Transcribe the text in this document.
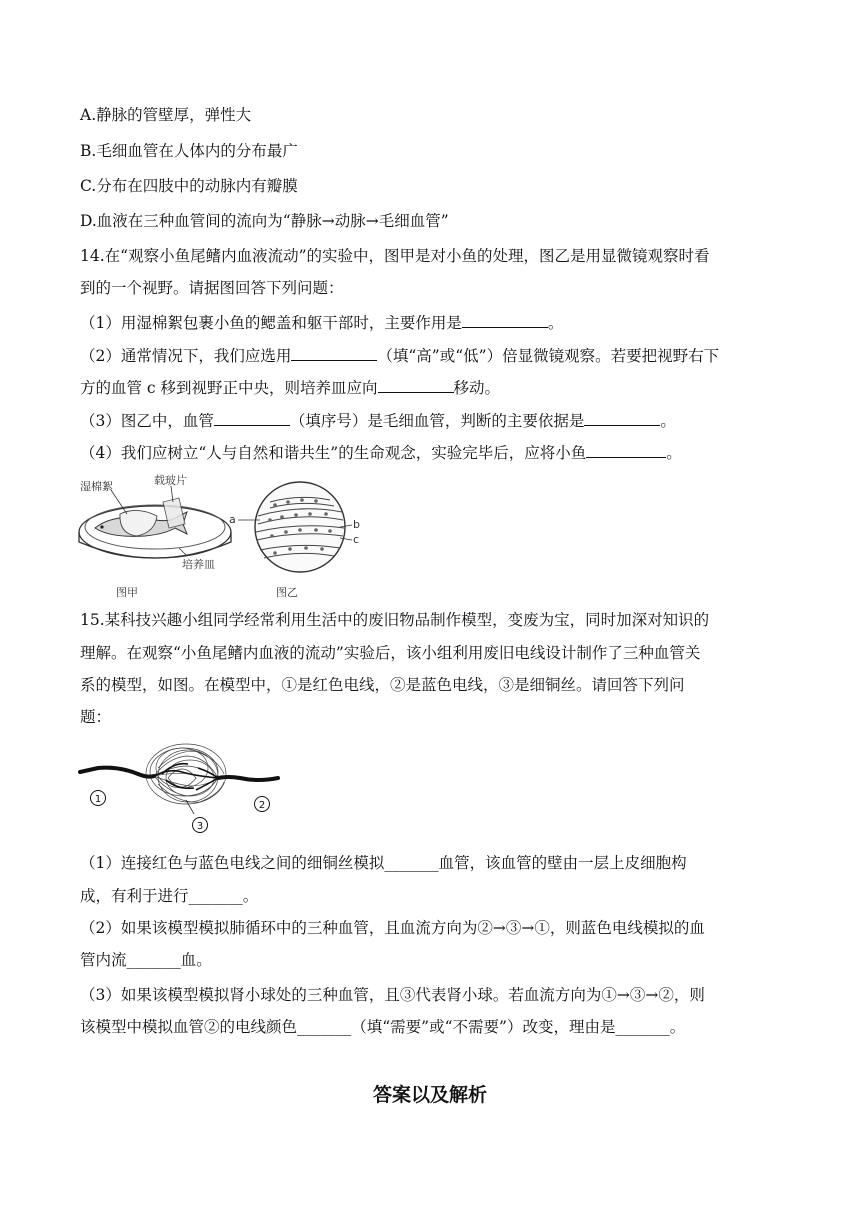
A.静脉的管壁厚，弹性大
B.毛细血管在人体内的分布最广
C.分布在四肢中的动脉内有瓣膜
D.血液在三种血管间的流向为“静脉→动脉→毛细血管”
14.在“观察小鱼尾鳍内血液流动”的实验中，图甲是对小鱼的处理，图乙是用显微镜观察时看
到的一个视野。请据图回答下列问题：
（1）用湿棉絮包裹小鱼的鳃盖和躯干部时，主要作用是	。
（2）通常情况下，我们应选用	（填“高”或“低”）倍显微镜观察。若要把视野右下
方的血管 c 移到视野正中央，则培养皿应向	移动。
（3）图乙中，血管	（填序号）是毛细血管，判断的主要依据是	。
（4）我们应树立“人与自然和谐共生”的生命观念，实验完毕后，应将小鱼	。
湿棉絮	载玻片
培养皿
图甲
a	b
c
图乙
15.某科技兴趣小组同学经常利用生活中的废旧物品制作模型，变废为宝，同时加深对知识的
理解。在观察“小鱼尾鳍内血液的流动”实验后，该小组利用废旧电线设计制作了三种血管关
系的模型，如图。在模型中，①是红色电线，②是蓝色电线，③是细铜丝。请回答下列问
题：
1
2
3
（1）连接红色与蓝色电线之间的细铜丝模拟_______血管，该血管的壁由一层上皮细胞构
成，有利于进行_______。
（2）如果该模型模拟肺循环中的三种血管，且血流方向为②→③→①，则蓝色电线模拟的血
管内流_______血。
（3）如果该模型模拟肾小球处的三种血管，且③代表肾小球。若血流方向为①→③→②，则
该模型中模拟血管②的电线颜色_______（填“需要”或“不需要”）改变，理由是_______。
答案以及解析
